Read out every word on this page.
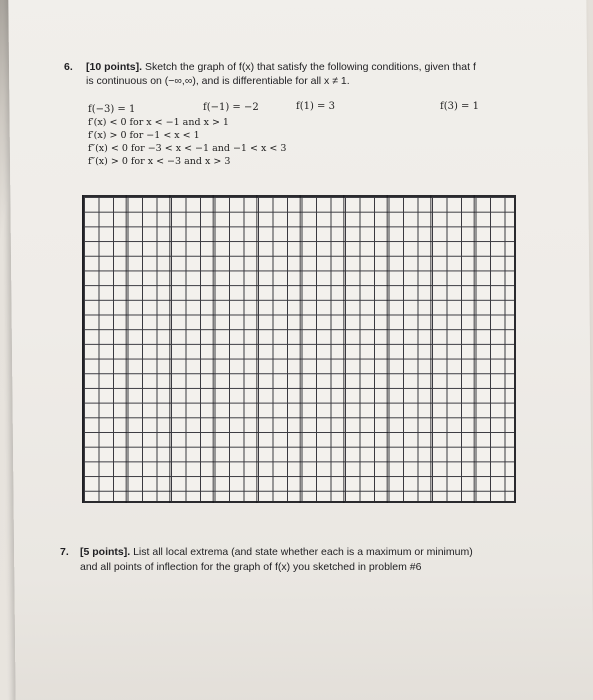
6. [10 points]. Sketch the graph of f(x) that satisfy the following conditions, given that f
is continuous on (−∞,∞), and is differentiable for all x ≠ 1.
f(−3) = 1	f(−1) = −2	f(1) = 3	f(3) = 1
f′(x) < 0 for x < −1 and x > 1
f′(x) > 0 for −1 < x < 1
f″(x) < 0 for −3 < x < −1 and −1 < x < 3
f″(x) > 0 for x < −3 and x > 3
7. [5 points]. List all local extrema (and state whether each is a maximum or minimum)
and all points of inflection for the graph of f(x) you sketched in problem #6
